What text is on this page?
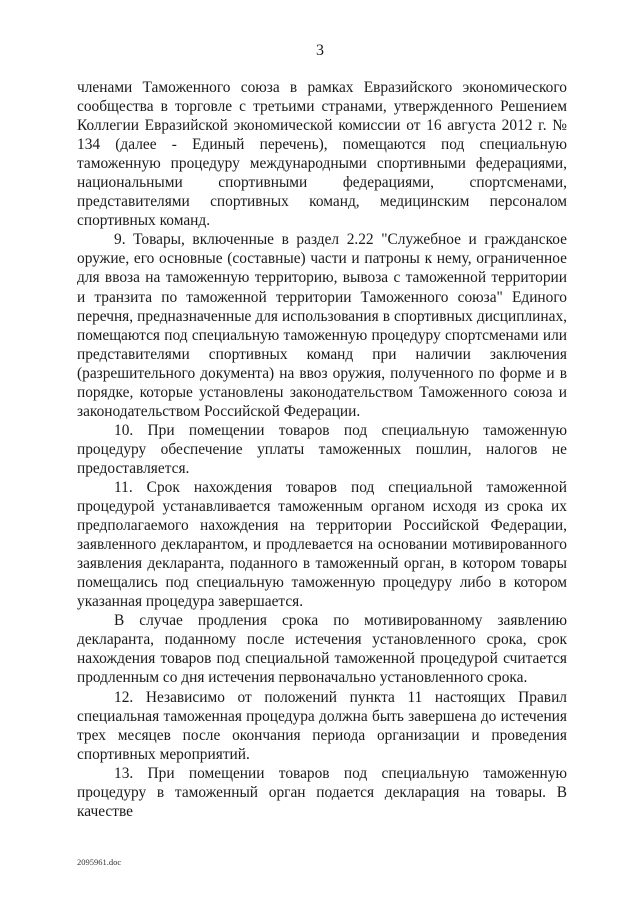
3

членами Таможенного союза в рамках Евразийского экономического сообщества в торговле с третьими странами, утвержденного Решением Коллегии Евразийской экономической комиссии от 16 августа 2012 г. № 134 (далее - Единый перечень), помещаются под специальную таможенную процедуру международными спортивными федерациями, национальными спортивными федерациями, спортсменами, представителями спортивных команд, медицинским персоналом спортивных команд.

9. Товары, включенные в раздел 2.22 "Служебное и гражданское оружие, его основные (составные) части и патроны к нему, ограниченное для ввоза на таможенную территорию, вывоза с таможенной территории и транзита по таможенной территории Таможенного союза" Единого перечня, предназначенные для использования в спортивных дисциплинах, помещаются под специальную таможенную процедуру спортсменами или представителями спортивных команд при наличии заключения (разрешительного документа) на ввоз оружия, полученного по форме и в порядке, которые установлены законодательством Таможенного союза и законодательством Российской Федерации.

10. При помещении товаров под специальную таможенную процедуру обеспечение уплаты таможенных пошлин, налогов не предоставляется.

11. Срок нахождения товаров под специальной таможенной процедурой устанавливается таможенным органом исходя из срока их предполагаемого нахождения на территории Российской Федерации, заявленного декларантом, и продлевается на основании мотивированного заявления декларанта, поданного в таможенный орган, в котором товары помещались под специальную таможенную процедуру либо в котором указанная процедура завершается.

В случае продления срока по мотивированному заявлению декларанта, поданному после истечения установленного срока, срок нахождения товаров под специальной таможенной процедурой считается продленным со дня истечения первоначально установленного срока.

12. Независимо от положений пункта 11 настоящих Правил специальная таможенная процедура должна быть завершена до истечения трех месяцев после окончания периода организации и проведения спортивных мероприятий.

13. При помещении товаров под специальную таможенную процедуру в таможенный орган подается декларация на товары. В качестве

2095961.doc
